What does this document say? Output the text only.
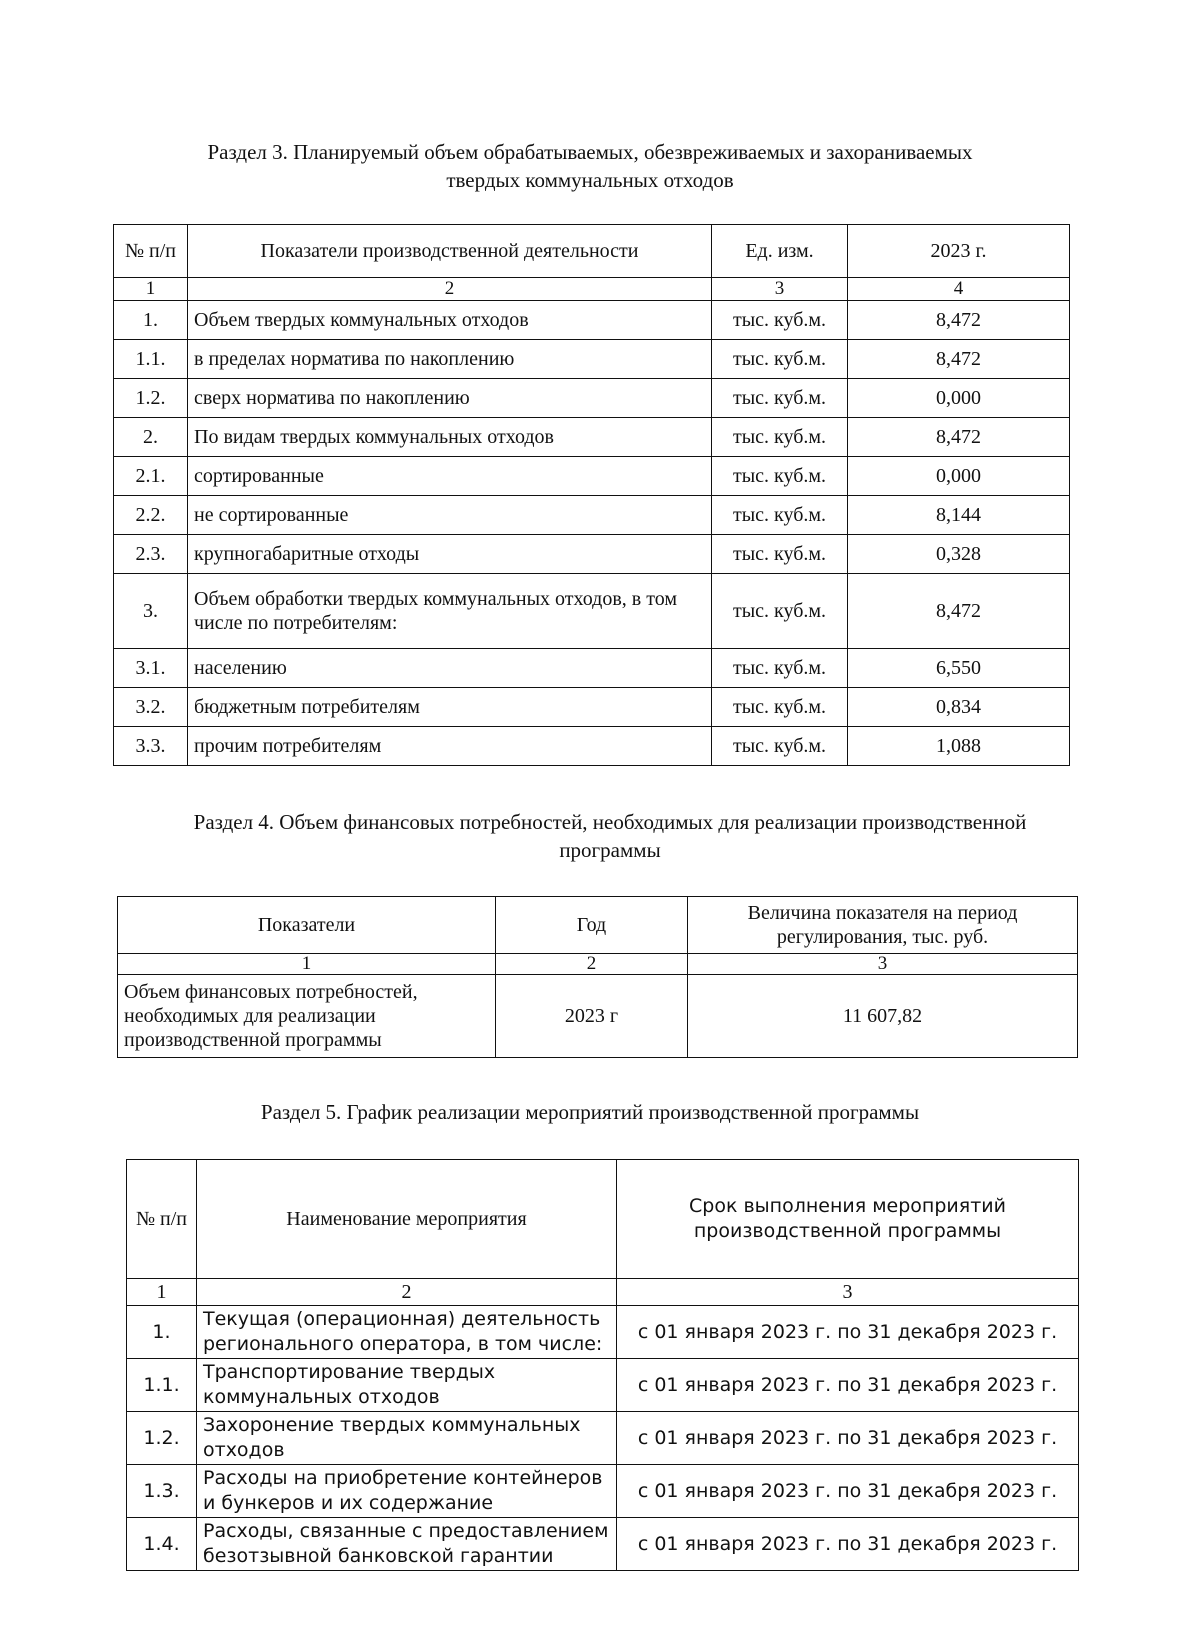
Раздел 3. Планируемый объем обрабатываемых, обезвреживаемых и захораниваемых
твердых коммунальных отходов
№ п/п	Показатели производственной деятельности	Ед. изм.	2023 г.
1	2	3	4
1.	Объем твердых коммунальных отходов	тыс. куб.м.	8,472
1.1.	в пределах норматива по накоплению	тыс. куб.м.	8,472
1.2.	сверх норматива по накоплению	тыс. куб.м.	0,000
2.	По видам твердых коммунальных отходов	тыс. куб.м.	8,472
2.1.	сортированные	тыс. куб.м.	0,000
2.2.	не сортированные	тыс. куб.м.	8,144
2.3.	крупногабаритные отходы	тыс. куб.м.	0,328
3.	Объем обработки твердых коммунальных отходов, в том числе по потребителям:	тыс. куб.м.	8,472
3.1.	населению	тыс. куб.м.	6,550
3.2.	бюджетным потребителям	тыс. куб.м.	0,834
3.3.	прочим потребителям	тыс. куб.м.	1,088
Раздел 4. Объем финансовых потребностей, необходимых для реализации производственной
программы
Показатели	Год	Величина показателя на период регулирования, тыс. руб.
1	2	3
Объем финансовых потребностей, необходимых для реализации производственной программы	2023 г	11 607,82
Раздел 5. График реализации мероприятий производственной программы
№ п/п	Наименование мероприятия	Срок выполнения мероприятий производственной программы
1	2	3
1.	Текущая (операционная) деятельность регионального оператора, в том числе:	с 01 января 2023 г. по 31 декабря 2023 г.
1.1.	Транспортирование твердых коммунальных отходов	с 01 января 2023 г. по 31 декабря 2023 г.
1.2.	Захоронение твердых коммунальных отходов	с 01 января 2023 г. по 31 декабря 2023 г.
1.3.	Расходы на приобретение контейнеров и бункеров и их содержание	с 01 января 2023 г. по 31 декабря 2023 г.
1.4.	Расходы, связанные с предоставлением безотзывной банковской гарантии	с 01 января 2023 г. по 31 декабря 2023 г.
